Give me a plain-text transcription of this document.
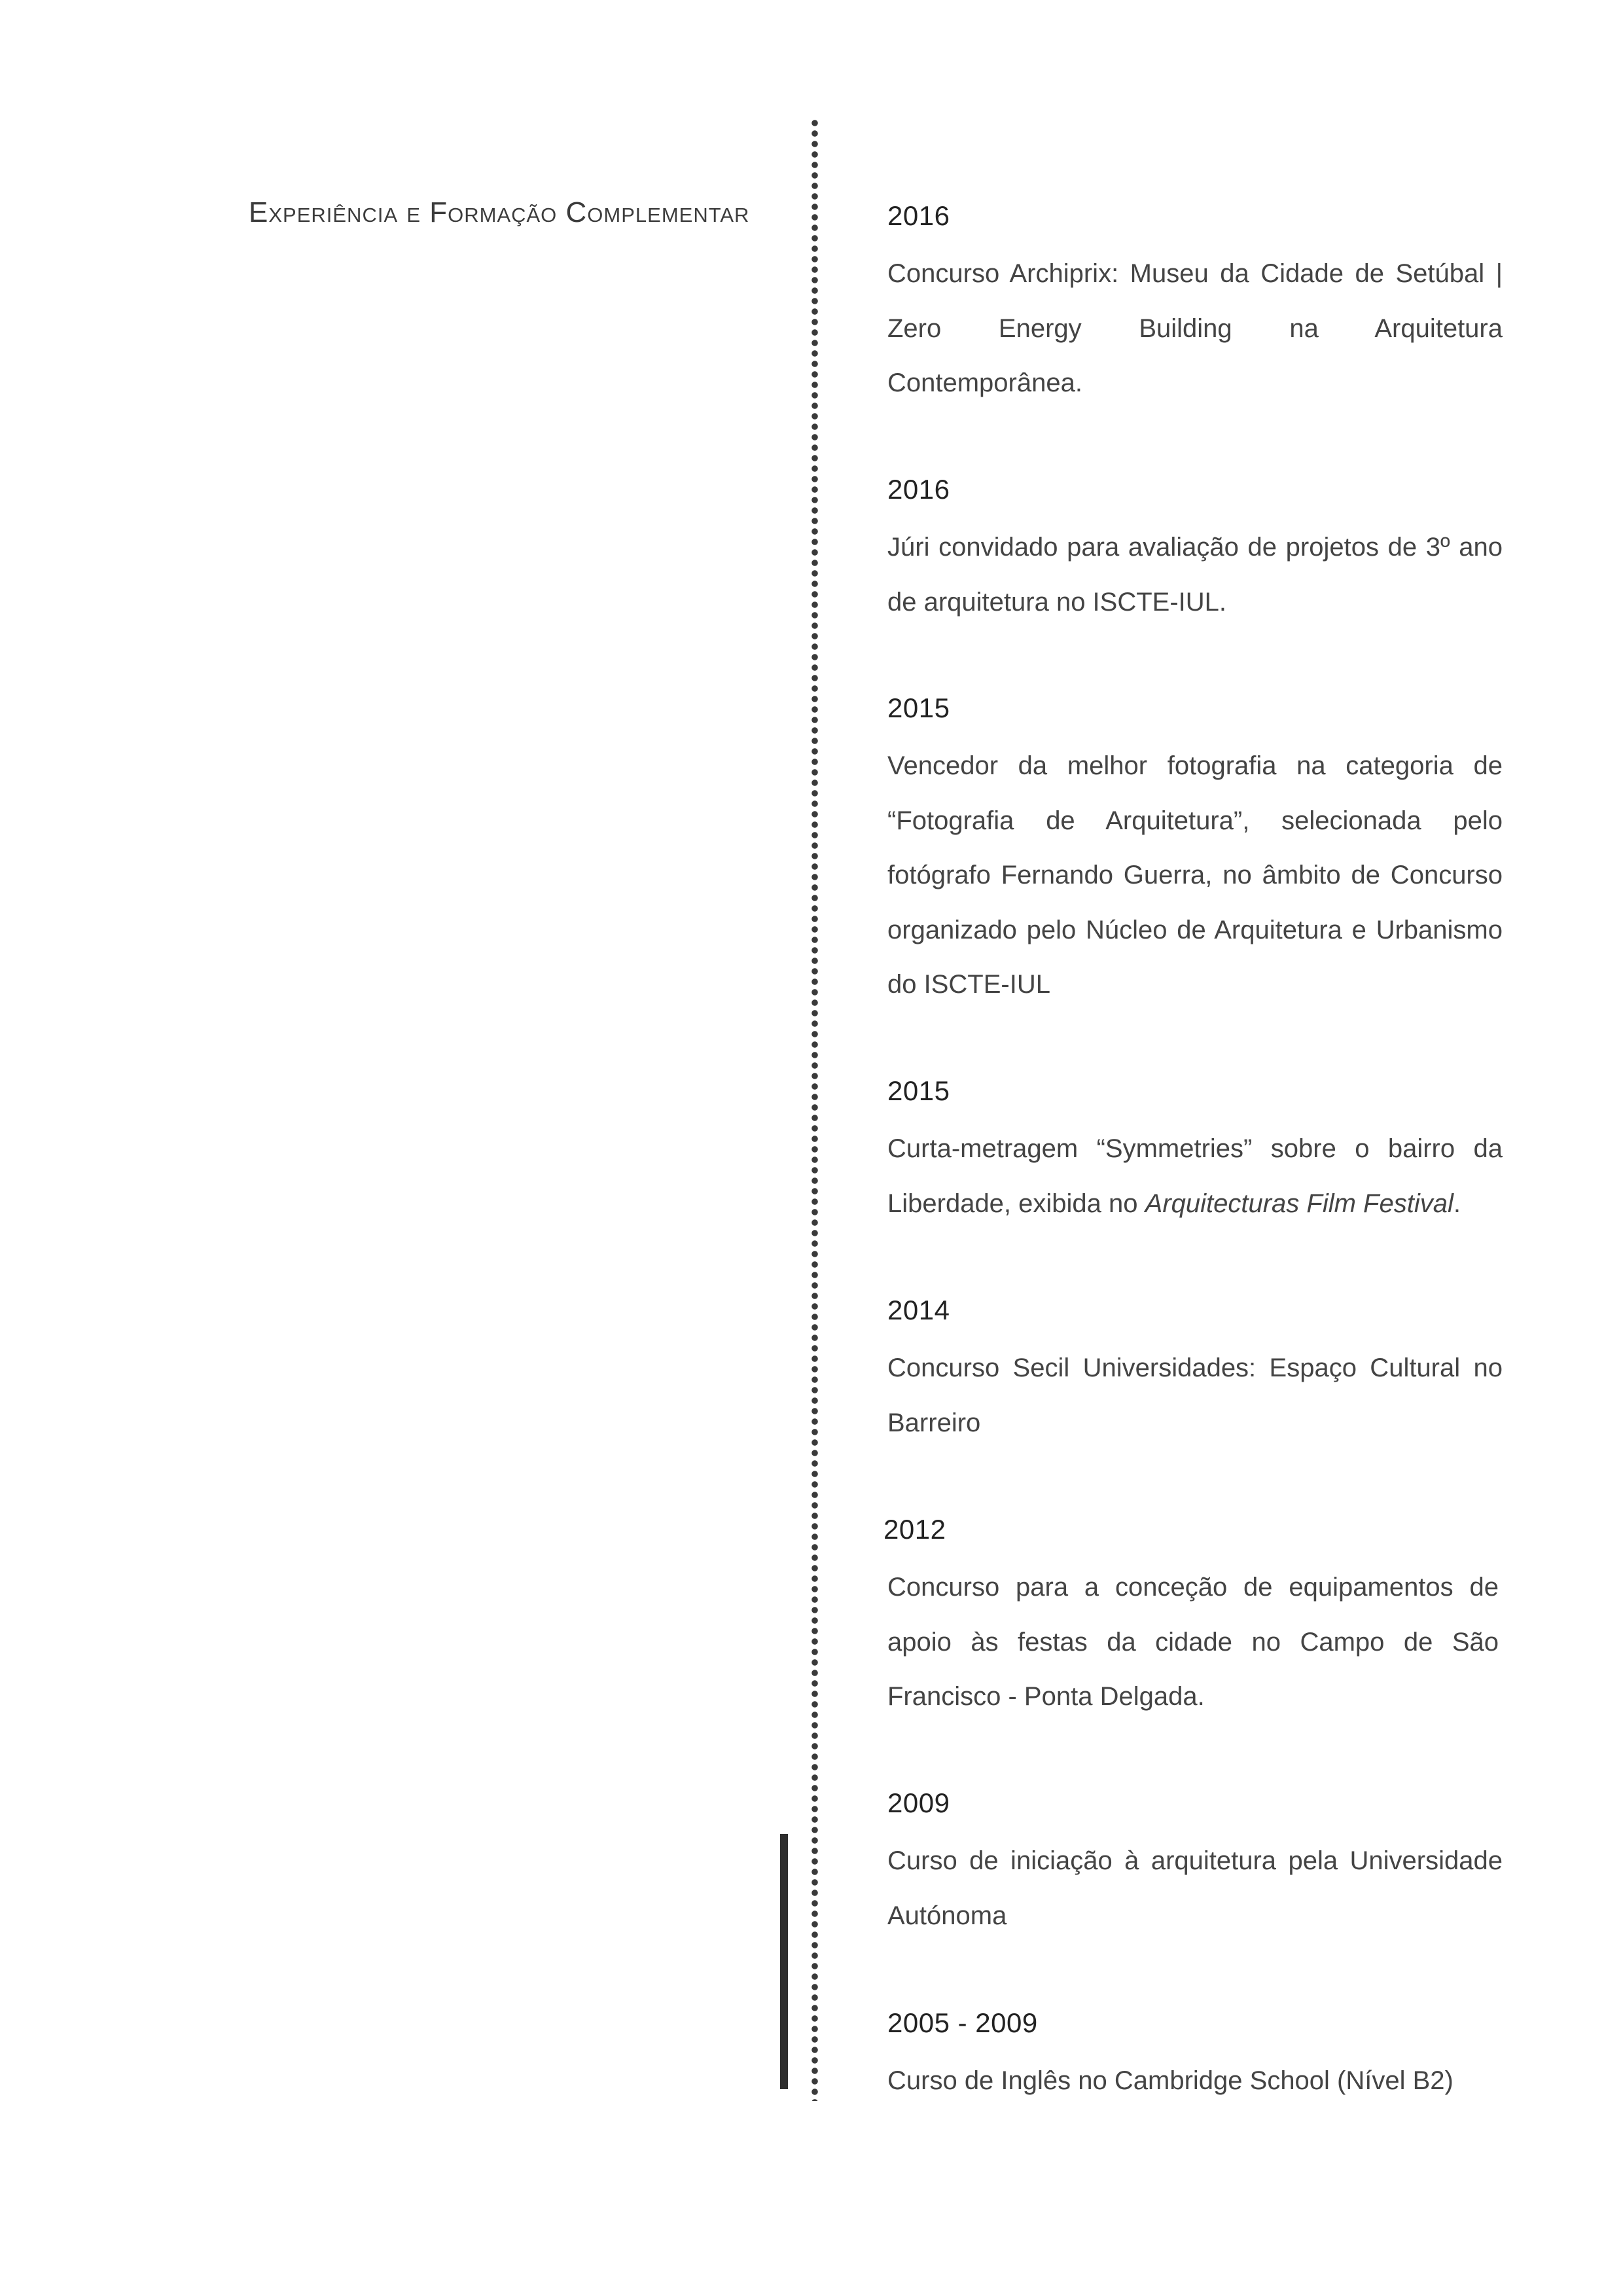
Experiência e Formação Complementar	2016
Concurso Archiprix: Museu da Cidade de Setúbal | Zero Energy Building na Arquitetura Contemporânea.
2016
Júri convidado para avaliação de projetos de 3º ano de arquitetura no ISCTE-IUL.
2015
Vencedor da melhor fotografia na categoria de “Fotografia de Arquitetura”, selecionada pelo fotógrafo Fernando Guerra, no âmbito de Concurso organizado pelo Núcleo de Arquitetura e Urbanismo do ISCTE-IUL
2015
Curta-metragem “Symmetries” sobre o bairro da Liberdade, exibida no Arquitecturas Film Festival.
2014
Concurso Secil Universidades: Espaço Cultural no Barreiro
2012
Concurso para a conceção de equipamentos de apoio às festas da cidade no Campo de São Francisco - Ponta Delgada.
2009
Curso de iniciação à arquitetura pela Universidade Autónoma
2005 - 2009
Curso de Inglês no Cambridge School (Nível B2)
